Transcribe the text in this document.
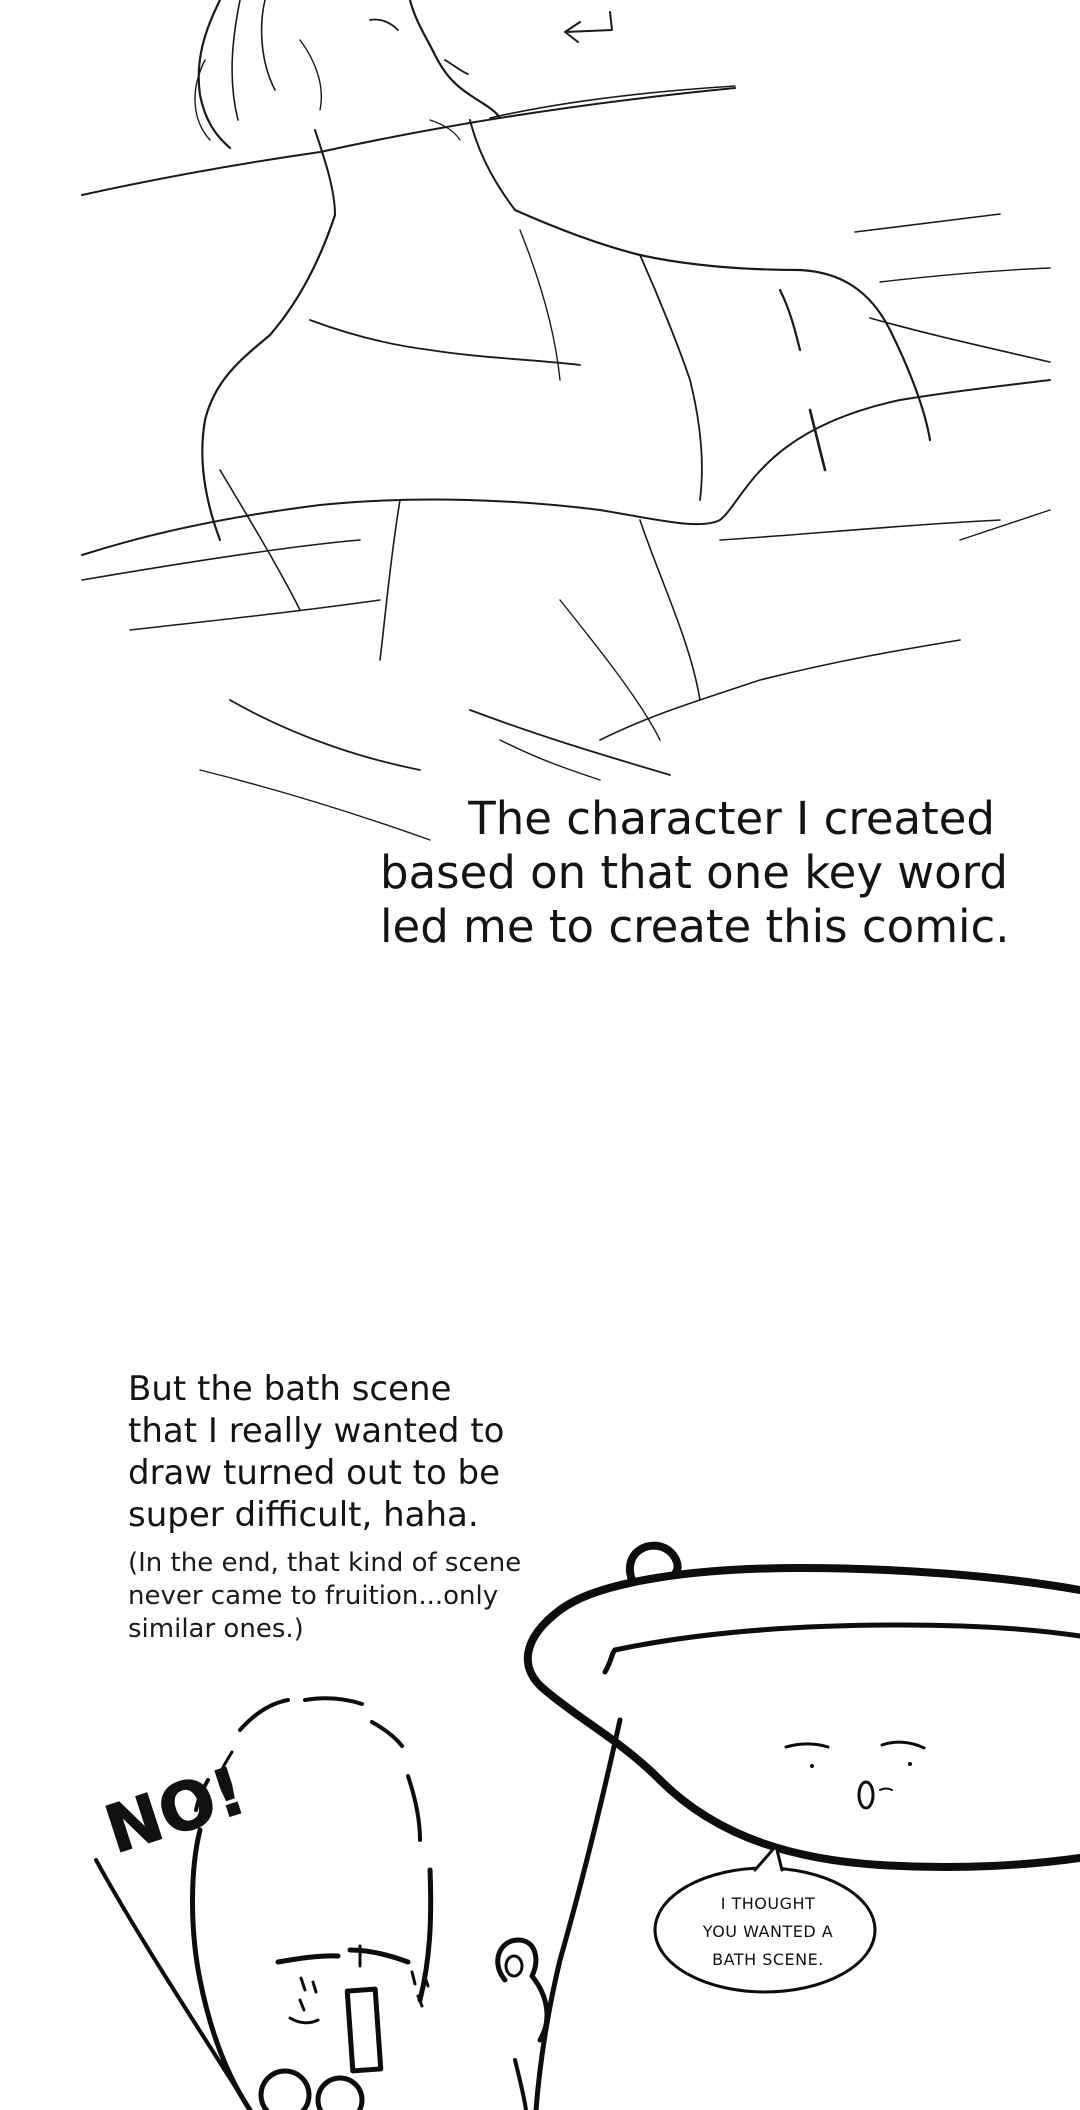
The character I created
based on that one key word
led me to create this comic.
But the bath scene
that I really wanted to
draw turned out to be
super difficult, haha.
(In the end, that kind of scene
never came to fruition...only
similar ones.)
NO!
I THOUGHT
YOU WANTED A
BATH SCENE.
